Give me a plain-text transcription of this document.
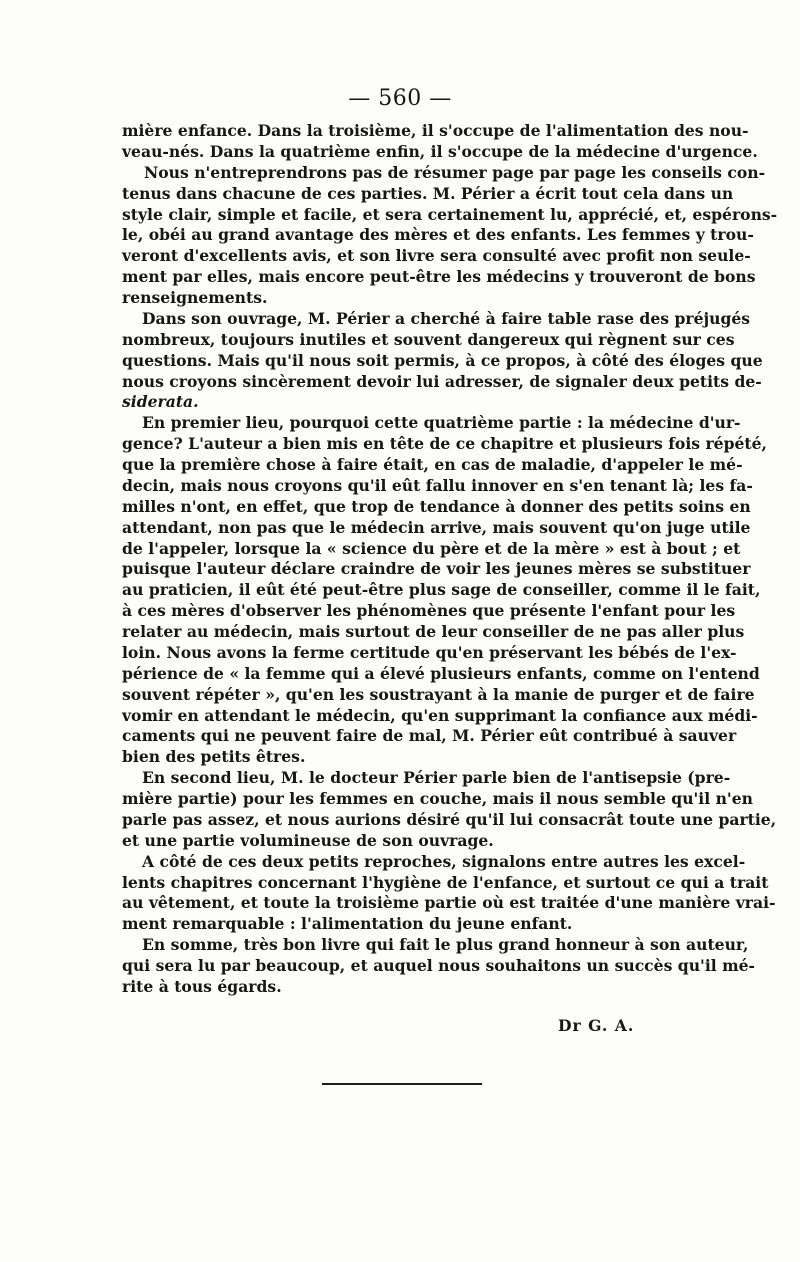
— 560 —
mière enfance. Dans la troisième, il s'occupe de l'alimentation des nou-
veau-nés. Dans la quatrième enfin, il s'occupe de la médecine d'urgence.
Nous n'entreprendrons pas de résumer page par page les conseils con-
tenus dans chacune de ces parties. M. Périer a écrit tout cela dans un
style clair, simple et facile, et sera certainement lu, apprécié, et, espérons-
le, obéi au grand avantage des mères et des enfants. Les femmes y trou-
veront d'excellents avis, et son livre sera consulté avec profit non seule-
ment par elles, mais encore peut-être les médecins y trouveront de bons
renseignements.
Dans son ouvrage, M. Périer a cherché à faire table rase des préjugés
nombreux, toujours inutiles et souvent dangereux qui règnent sur ces
questions. Mais qu'il nous soit permis, à ce propos, à côté des éloges que
nous croyons sincèrement devoir lui adresser, de signaler deux petits de-
siderata.
En premier lieu, pourquoi cette quatrième partie : la médecine d'ur-
gence? L'auteur a bien mis en tête de ce chapitre et plusieurs fois répété,
que la première chose à faire était, en cas de maladie, d'appeler le mé-
decin, mais nous croyons qu'il eût fallu innover en s'en tenant là; les fa-
milles n'ont, en effet, que trop de tendance à donner des petits soins en
attendant, non pas que le médecin arrive, mais souvent qu'on juge utile
de l'appeler, lorsque la « science du père et de la mère » est à bout ; et
puisque l'auteur déclare craindre de voir les jeunes mères se substituer
au praticien, il eût été peut-être plus sage de conseiller, comme il le fait,
à ces mères d'observer les phénomènes que présente l'enfant pour les
relater au médecin, mais surtout de leur conseiller de ne pas aller plus
loin. Nous avons la ferme certitude qu'en préservant les bébés de l'ex-
périence de « la femme qui a élevé plusieurs enfants, comme on l'entend
souvent répéter », qu'en les soustrayant à la manie de purger et de faire
vomir en attendant le médecin, qu'en supprimant la confiance aux médi-
caments qui ne peuvent faire de mal, M. Périer eût contribué à sauver
bien des petits êtres.
En second lieu, M. le docteur Périer parle bien de l'antisepsie (pre-
mière partie) pour les femmes en couche, mais il nous semble qu'il n'en
parle pas assez, et nous aurions désiré qu'il lui consacrât toute une partie,
et une partie volumineuse de son ouvrage.
A côté de ces deux petits reproches, signalons entre autres les excel-
lents chapitres concernant l'hygiène de l'enfance, et surtout ce qui a trait
au vêtement, et toute la troisième partie où est traitée d'une manière vrai-
ment remarquable : l'alimentation du jeune enfant.
En somme, très bon livre qui fait le plus grand honneur à son auteur,
qui sera lu par beaucoup, et auquel nous souhaitons un succès qu'il mé-
rite à tous égards.
Dr G. A.
